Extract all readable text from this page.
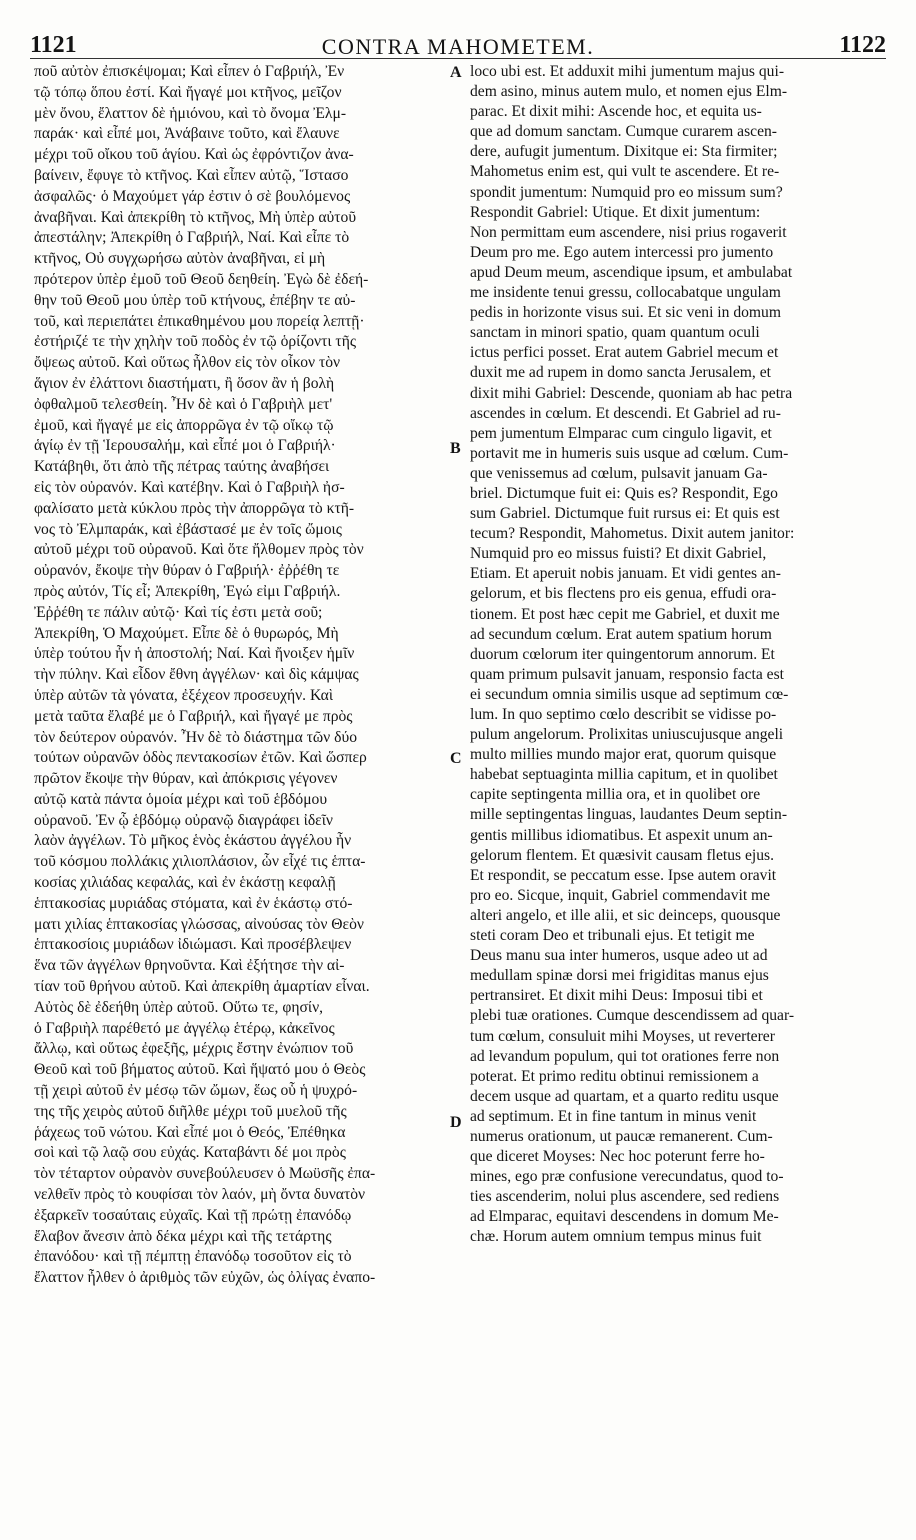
1121	CONTRA MAHOMETEM.	1122
ποῦ αὐτὸν ἐπισκέψομαι; Καὶ εἶπεν ὁ Γαβριήλ, Ἐν
τῷ τόπῳ ὅπου ἐστί. Καὶ ἤγαγέ μοι κτῆνος, μεῖζον
μὲν ὄνου, ἔλαττον δὲ ἡμιόνου, καὶ τὸ ὄνομα Ἐλμ-
παράκ· καὶ εἶπέ μοι, Ἀνάβαινε τοῦτο, καὶ ἔλαυνε
μέχρι τοῦ οἴκου τοῦ ἁγίου. Καὶ ὡς ἐφρόντιζον ἀνα-
βαίνειν, ἔφυγε τὸ κτῆνος. Καὶ εἶπεν αὐτῷ, Ἵστασο
ἀσφαλῶς· ὁ Μαχούμετ γάρ ἐστιν ὁ σὲ βουλόμενος
ἀναβῆναι. Καὶ ἀπεκρίθη τὸ κτῆνος, Μὴ ὑπὲρ αὐτοῦ
ἀπεστάλην; Ἀπεκρίθη ὁ Γαβριήλ, Ναί. Καὶ εἶπε τὸ
κτῆνος, Οὐ συγχωρήσω αὐτὸν ἀναβῆναι, εἰ μὴ
πρότερον ὑπὲρ ἐμοῦ τοῦ Θεοῦ δεηθείη. Ἐγὼ δὲ ἐδεή-
θην τοῦ Θεοῦ μου ὑπὲρ τοῦ κτήνους, ἐπέβην τε αὐ-
τοῦ, καὶ περιεπάτει ἐπικαθημένου μου πορείᾳ λεπτῇ·
ἐστήριζέ τε τὴν χηλὴν τοῦ ποδὸς ἐν τῷ ὁρίζοντι τῆς
ὄψεως αὐτοῦ. Καὶ οὕτως ἦλθον εἰς τὸν οἶκον τὸν
ἅγιον ἐν ἐλάττονι διαστήματι, ἢ ὅσον ἂν ἡ βολὴ
ὀφθαλμοῦ τελεσθείη. Ἦν δὲ καὶ ὁ Γαβριὴλ μετ'
ἐμοῦ, καὶ ἤγαγέ με εἰς ἀπορρῶγα ἐν τῷ οἴκῳ τῷ
ἁγίῳ ἐν τῇ Ἱερουσαλήμ, καὶ εἶπέ μοι ὁ Γαβριήλ·
Κατάβηθι, ὅτι ἀπὸ τῆς πέτρας ταύτης ἀναβήσει
εἰς τὸν οὐρανόν. Καὶ κατέβην. Καὶ ὁ Γαβριὴλ ἠσ-
φαλίσατο μετὰ κύκλου πρὸς τὴν ἀπορρῶγα τὸ κτῆ-
νος τὸ Ἐλμπαράκ, καὶ ἐβάστασέ με ἐν τοῖς ὤμοις
αὐτοῦ μέχρι τοῦ οὐρανοῦ. Καὶ ὅτε ἤλθομεν πρὸς τὸν
οὐρανόν, ἔκοψε τὴν θύραν ὁ Γαβριήλ· ἐῤῥέθη τε
πρὸς αὐτόν, Τίς εἶ; Ἀπεκρίθη, Ἐγώ εἰμι Γαβριήλ.
Ἐῤῥέθη τε πάλιν αὐτῷ· Καὶ τίς ἐστι μετὰ σοῦ;
Ἀπεκρίθη, Ὁ Μαχούμετ. Εἶπε δὲ ὁ θυρωρός, Μὴ
ὑπὲρ τούτου ἦν ἡ ἀποστολή; Ναί. Καὶ ἤνοιξεν ἡμῖν
τὴν πύλην. Καὶ εἶδον ἔθνη ἀγγέλων· καὶ δὶς κάμψας
ὑπὲρ αὐτῶν τὰ γόνατα, ἐξέχεον προσευχήν. Καὶ
μετὰ ταῦτα ἔλαβέ με ὁ Γαβριήλ, καὶ ἤγαγέ με πρὸς
τὸν δεύτερον οὐρανόν. Ἦν δὲ τὸ διάστημα τῶν δύο
τούτων οὐρανῶν ὁδὸς πεντακοσίων ἐτῶν. Καὶ ὥσπερ
πρῶτον ἔκοψε τὴν θύραν, καὶ ἀπόκρισις γέγονεν
αὐτῷ κατὰ πάντα ὁμοία μέχρι καὶ τοῦ ἑβδόμου
οὐρανοῦ. Ἐν ᾧ ἑβδόμῳ οὐρανῷ διαγράφει ἰδεῖν
λαὸν ἀγγέλων. Τὸ μῆκος ἑνὸς ἑκάστου ἀγγέλου ἦν
τοῦ κόσμου πολλάκις χιλιοπλάσιον, ὧν εἶχέ τις ἑπτα-
κοσίας χιλιάδας κεφαλάς, καὶ ἐν ἑκάστῃ κεφαλῇ
ἑπτακοσίας μυριάδας στόματα, καὶ ἐν ἑκάστῳ στό-
ματι χιλίας ἑπτακοσίας γλώσσας, αἰνούσας τὸν Θεὸν
ἑπτακοσίοις μυριάδων ἰδιώμασι. Καὶ προσέβλεψεν
ἕνα τῶν ἀγγέλων θρηνοῦντα. Καὶ ἐξήτησε τὴν αἰ-
τίαν τοῦ θρήνου αὐτοῦ. Καὶ ἀπεκρίθη ἁμαρτίαν εἶναι.
Αὐτὸς δὲ ἐδεήθη ὑπὲρ αὐτοῦ. Οὕτω τε, φησίν,
ὁ Γαβριὴλ παρέθετό με ἀγγέλῳ ἑτέρῳ, κἀκεῖνος
ἄλλῳ, καὶ οὕτως ἐφεξῆς, μέχρις ἔστην ἐνώπιον τοῦ
Θεοῦ καὶ τοῦ βήματος αὐτοῦ. Καὶ ἥψατό μου ὁ Θεὸς
τῇ χειρὶ αὐτοῦ ἐν μέσῳ τῶν ὤμων, ἕως οὗ ἡ ψυχρό-
της τῆς χειρὸς αὐτοῦ διῆλθε μέχρι τοῦ μυελοῦ τῆς
ῥάχεως τοῦ νώτου. Καὶ εἶπέ μοι ὁ Θεός, Ἐπέθηκα
σοὶ καὶ τῷ λαῷ σου εὐχάς. Καταβάντι δέ μοι πρὸς
τὸν τέταρτον οὐρανὸν συνεβούλευσεν ὁ Μωϋσῆς ἐπα-
νελθεῖν πρὸς τὸ κουφίσαι τὸν λαόν, μὴ ὄντα δυνατὸν
ἐξαρκεῖν τοσαύταις εὐχαῖς. Καὶ τῇ πρώτῃ ἐπανόδῳ
ἔλαβον ἄνεσιν ἀπὸ δέκα μέχρι καὶ τῆς τετάρτης
ἐπανόδου· καὶ τῇ πέμπτῃ ἐπανόδῳ τοσοῦτον εἰς τὸ
ἔλαττον ἦλθεν ὁ ἀριθμὸς τῶν εὐχῶν, ὡς ὀλίγας ἐναπο-
loco ubi est. Et adduxit mihi jumentum majus qui-
dem asino, minus autem mulo, et nomen ejus Elm-
parac. Et dixit mihi: Ascende hoc, et equita us-
que ad domum sanctam. Cumque curarem ascen-
dere, aufugit jumentum. Dixitque ei: Sta firmiter;
Mahometus enim est, qui vult te ascendere. Et re-
spondit jumentum: Numquid pro eo missum sum?
Respondit Gabriel: Utique. Et dixit jumentum:
Non permittam eum ascendere, nisi prius rogaverit
Deum pro me. Ego autem intercessi pro jumento
apud Deum meum, ascendique ipsum, et ambulabat
me insidente tenui gressu, collocabatque ungulam
pedis in horizonte visus sui. Et sic veni in domum
sanctam in minori spatio, quam quantum oculi
ictus perfici posset. Erat autem Gabriel mecum et
duxit me ad rupem in domo sancta Jerusalem, et
dixit mihi Gabriel: Descende, quoniam ab hac petra
ascendes in cœlum. Et descendi. Et Gabriel ad ru-
pem jumentum Elmparac cum cingulo ligavit, et
portavit me in humeris suis usque ad cœlum. Cum-
que venissemus ad cœlum, pulsavit januam Ga-
briel. Dictumque fuit ei: Quis es? Respondit, Ego
sum Gabriel. Dictumque fuit rursus ei: Et quis est
tecum? Respondit, Mahometus. Dixit autem janitor:
Numquid pro eo missus fuisti? Et dixit Gabriel,
Etiam. Et aperuit nobis januam. Et vidi gentes an-
gelorum, et bis flectens pro eis genua, effudi ora-
tionem. Et post hæc cepit me Gabriel, et duxit me
ad secundum cœlum. Erat autem spatium horum
duorum cœlorum iter quingentorum annorum. Et
quam primum pulsavit januam, responsio facta est
ei secundum omnia similis usque ad septimum cœ-
lum. In quo septimo cœlo describit se vidisse po-
pulum angelorum. Prolixitas uniuscujusque angeli
multo millies mundo major erat, quorum quisque
habebat septuaginta millia capitum, et in quolibet
capite septingenta millia ora, et in quolibet ore
mille septingentas linguas, laudantes Deum septin-
gentis millibus idiomatibus. Et aspexit unum an-
gelorum flentem. Et quæsivit causam fletus ejus.
Et respondit, se peccatum esse. Ipse autem oravit
pro eo. Sicque, inquit, Gabriel commendavit me
alteri angelo, et ille alii, et sic deinceps, quousque
steti coram Deo et tribunali ejus. Et tetigit me
Deus manu sua inter humeros, usque adeo ut ad
medullam spinæ dorsi mei frigiditas manus ejus
pertransiret. Et dixit mihi Deus: Imposui tibi et
plebi tuæ orationes. Cumque descendissem ad quar-
tum cœlum, consuluit mihi Moyses, ut reverterer
ad levandum populum, qui tot orationes ferre non
poterat. Et primo reditu obtinui remissionem a
decem usque ad quartam, et a quarto reditu usque
ad septimum. Et in fine tantum in minus venit
numerus orationum, ut paucæ remanerent. Cum-
que diceret Moyses: Nec hoc poterunt ferre ho-
mines, ego præ confusione verecundatus, quod to-
ties ascenderim, nolui plus ascendere, sed rediens
ad Elmparac, equitavi descendens in domum Me-
chæ. Horum autem omnium tempus minus fuit
A
B
C
D
